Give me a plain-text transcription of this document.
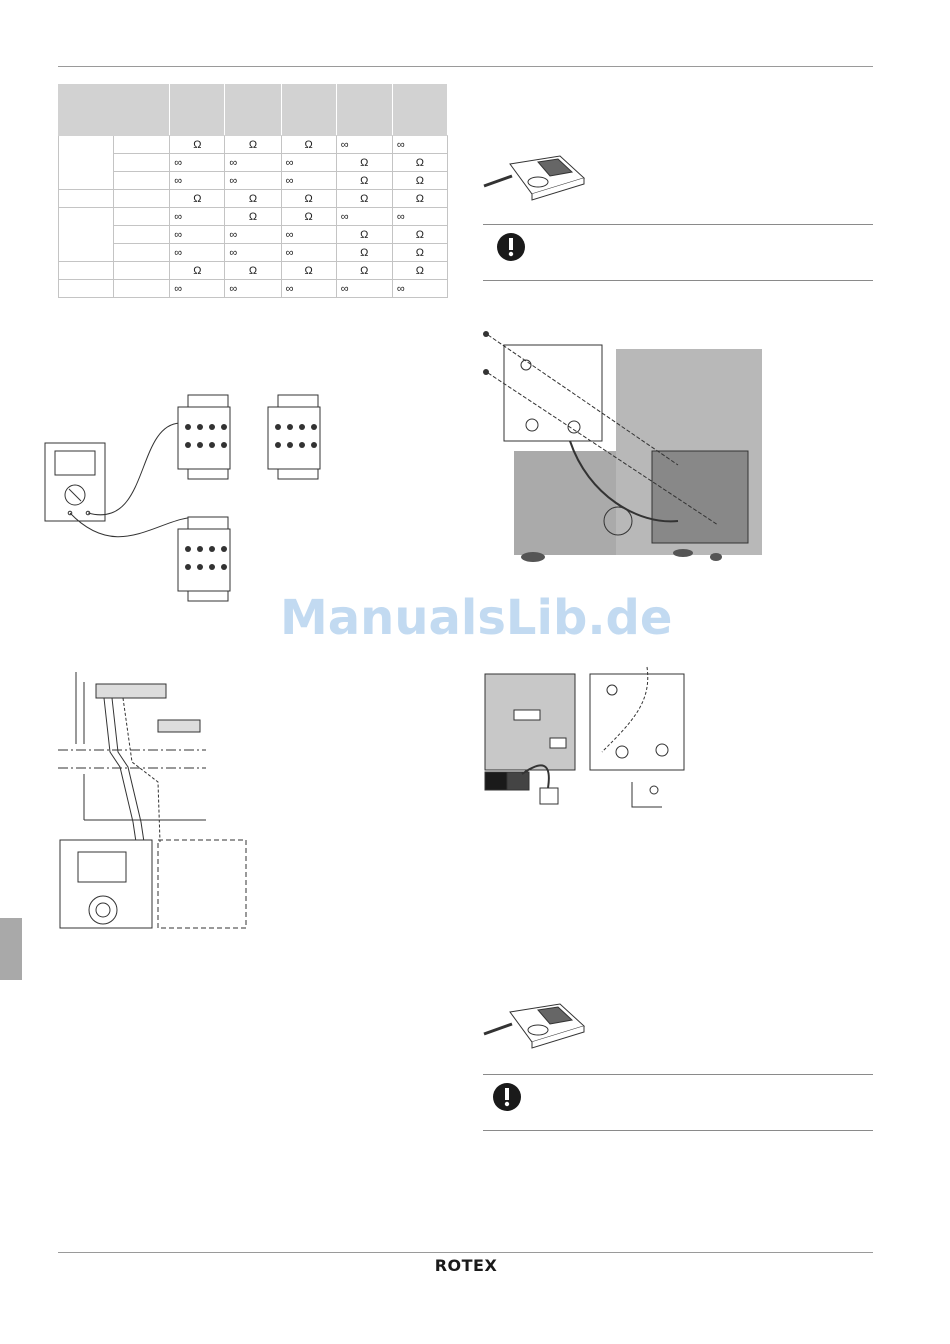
		Ω	Ω	Ω	∞	∞
		∞	∞	∞	Ω	Ω
		∞	∞	∞	Ω	Ω
		Ω	Ω	Ω	Ω	Ω
		∞	Ω	Ω	∞	∞
		∞	∞	∞	Ω	Ω
		∞	∞	∞	Ω	Ω
		Ω	Ω	Ω	Ω	Ω
		∞	∞	∞	∞	∞
ManualsLib.de
ROTEX
